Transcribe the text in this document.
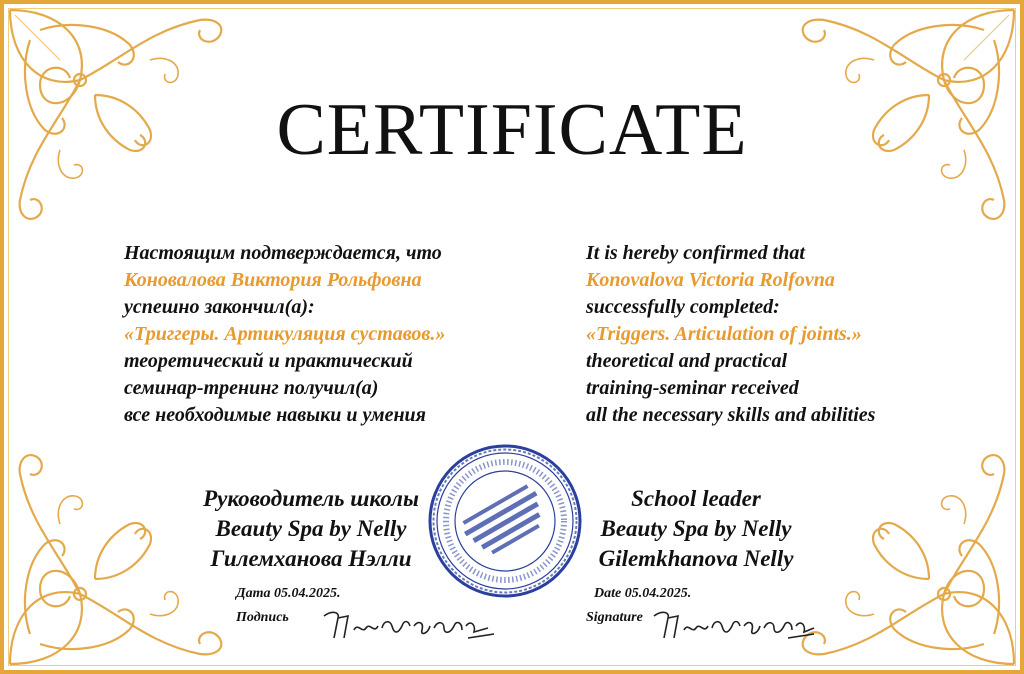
CERTIFICATE
Настоящим подтверждается, что
Коновалова Виктория Рольфовна
успешно закончил(а):
«Триггеры. Артикуляция суставов.»
теоретический и практический
семинар-тренинг получил(а)
все необходимые навыки и умения
It is hereby confirmed that
Konovalova Victoria Rolfovna
successfully completed:
«Triggers. Articulation of joints.»
theoretical and practical
training-seminar received
all the necessary skills and abilities
Руководитель школы
Beauty Spa by Nelly
Гилемханова Нэлли
School leader
Beauty Spa by Nelly
Gilemkhanova Nelly
Дата 05.04.2025.
Подпись
Date 05.04.2025.
Signature
